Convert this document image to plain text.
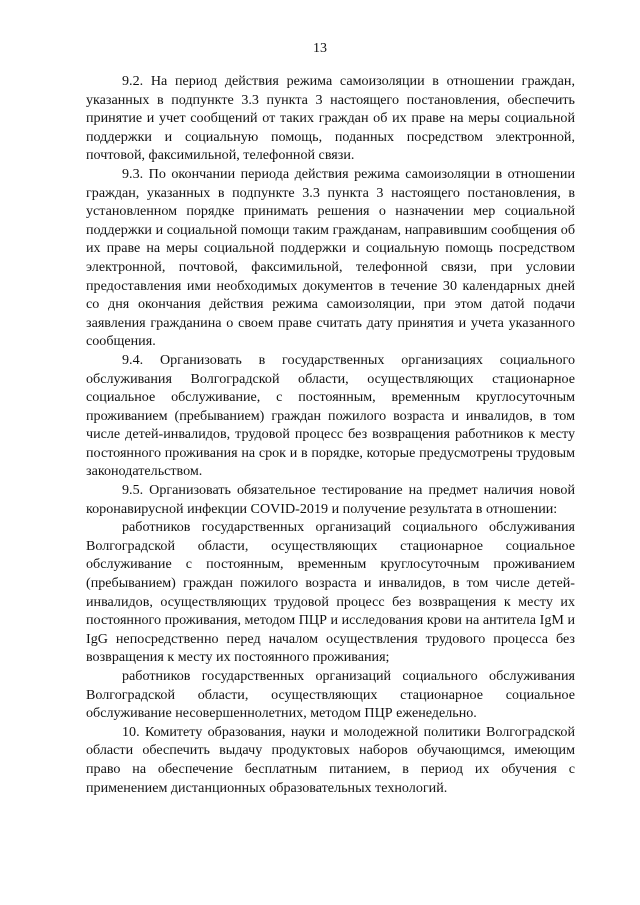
13

9.2. На период действия режима самоизоляции в отношении граждан, указанных в подпункте 3.3 пункта 3 настоящего постановления, обеспечить принятие и учет сообщений от таких граждан об их праве на меры социальной поддержки и социальную помощь, поданных посредством электронной, почтовой, факсимильной, телефонной связи.

9.3. По окончании периода действия режима самоизоляции в отношении граждан, указанных в подпункте 3.3 пункта 3 настоящего постановления, в установленном порядке принимать решения о назначении мер социальной поддержки и социальной помощи таким гражданам, направившим сообщения об их праве на меры социальной поддержки и социальную помощь посредством электронной, почтовой, факсимильной, телефонной связи, при условии предоставления ими необходимых документов в течение 30 календарных дней со дня окончания действия режима самоизоляции, при этом датой подачи заявления гражданина о своем праве считать дату принятия и учета указанного сообщения.

9.4. Организовать в государственных организациях социального обслуживания Волгоградской области, осуществляющих стационарное социальное обслуживание, с постоянным, временным круглосуточным проживанием (пребыванием) граждан пожилого возраста и инвалидов, в том числе детей-инвалидов, трудовой процесс без возвращения работников к месту постоянного проживания на срок и в порядке, которые предусмотрены трудовым законодательством.

9.5. Организовать обязательное тестирование на предмет наличия новой коронавирусной инфекции COVID-2019 и получение результата в отношении:

работников государственных организаций социального обслуживания Волгоградской области, осуществляющих стационарное социальное обслуживание с постоянным, временным круглосуточным проживанием (пребыванием) граждан пожилого возраста и инвалидов, в том числе детей-инвалидов, осуществляющих трудовой процесс без возвращения к месту их постоянного проживания, методом ПЦР и исследования крови на антитела IgM и IgG непосредственно перед началом осуществления трудового процесса без возвращения к месту их постоянного проживания;

работников государственных организаций социального обслуживания Волгоградской области, осуществляющих стационарное социальное обслуживание несовершеннолетних, методом ПЦР еженедельно.

10. Комитету образования, науки и молодежной политики Волгоградской области обеспечить выдачу продуктовых наборов обучающимся, имеющим право на обеспечение бесплатным питанием, в период их обучения с применением дистанционных образовательных технологий.
